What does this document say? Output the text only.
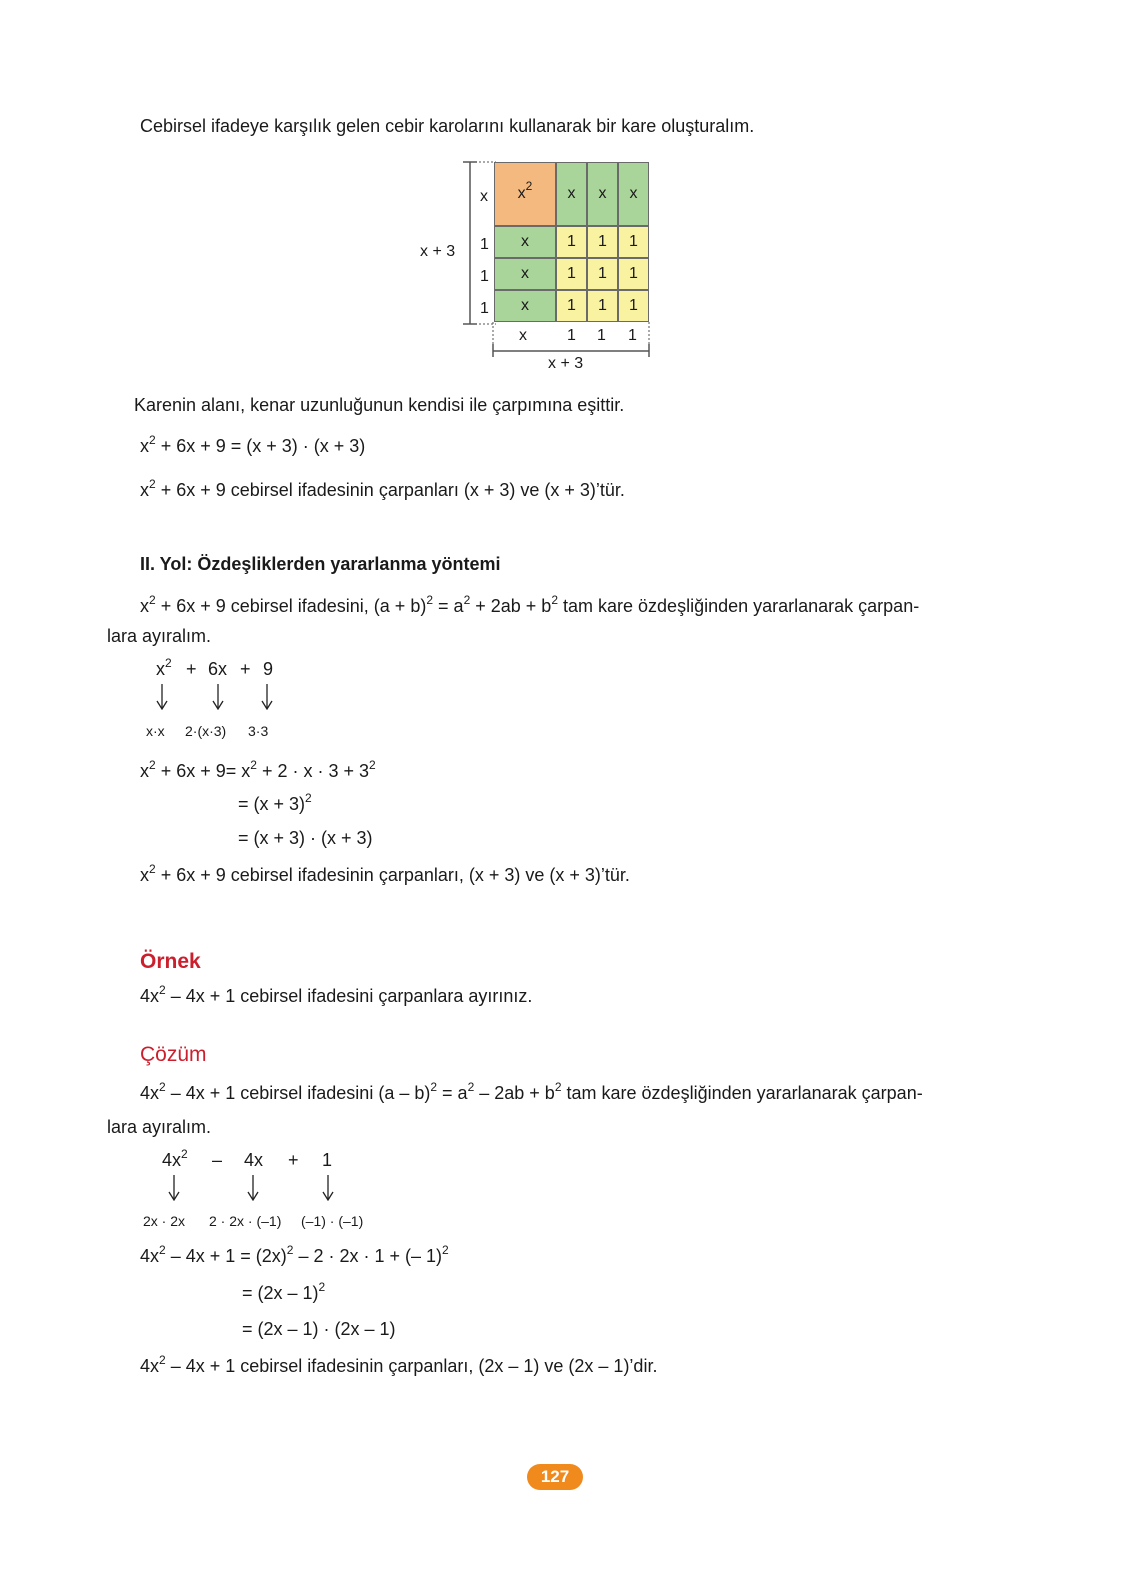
Cebirsel ifadeye karşılık gelen cebir karolarını kullanarak bir kare oluşturalım.
x + 3
x
1
1
1
$x^2$	x	x	x
x	1	1	1
x	1	1	1
x	1	1	1
x	1 1 1
x + 3
Karenin alanı, kenar uzunluğunun kendisi ile çarpımına eşittir.
$x^2 + 6x + 9 = (x + 3) \cdot (x + 3)$
$x^2 + 6x + 9$ cebirsel ifadesinin çarpanları (x + 3) ve (x + 3)’tür.
II. Yol: Özdeşliklerden yararlanma yöntemi
$x^2 + 6x + 9$ cebirsel ifadesini, $(a + b)^2 = a^2 + 2ab + b^2$ tam kare özdeşliğinden yararlanarak çarpan-
lara ayıralım.
$x^2 + 6x + 9$
x·x 2·(x·3) 3·3
$x^2 + 6x + 9= x^2 + 2 \cdot x \cdot 3 + 3^2$
= $(x + 3)^2$
= (x + 3) · (x + 3)
$x^2 + 6x + 9$ cebirsel ifadesinin çarpanları, (x + 3) ve (x + 3)’tür.
Örnek
$4x^2 - 4x + 1$ cebirsel ifadesini çarpanlara ayırınız.
Çözüm
$4x^2 - 4x + 1$ cebirsel ifadesini $(a - b)^2 = a^2 - 2ab + b^2$ tam kare özdeşliğinden yararlanarak çarpan-
lara ayıralım.
$4x^2 - 4x + 1$
2x · 2x 2 · 2x · (–1) (–1) · (–1)
$4x^2 - 4x + 1 = (2x)^2 - 2 \cdot 2x \cdot 1$ + (– 1)$^2$
= (2x – 1)$^2$
= (2x – 1) · (2x – 1)
$4x^2 - 4x + 1$ cebirsel ifadesinin çarpanları, (2x – 1) ve (2x – 1)’dir.
127
